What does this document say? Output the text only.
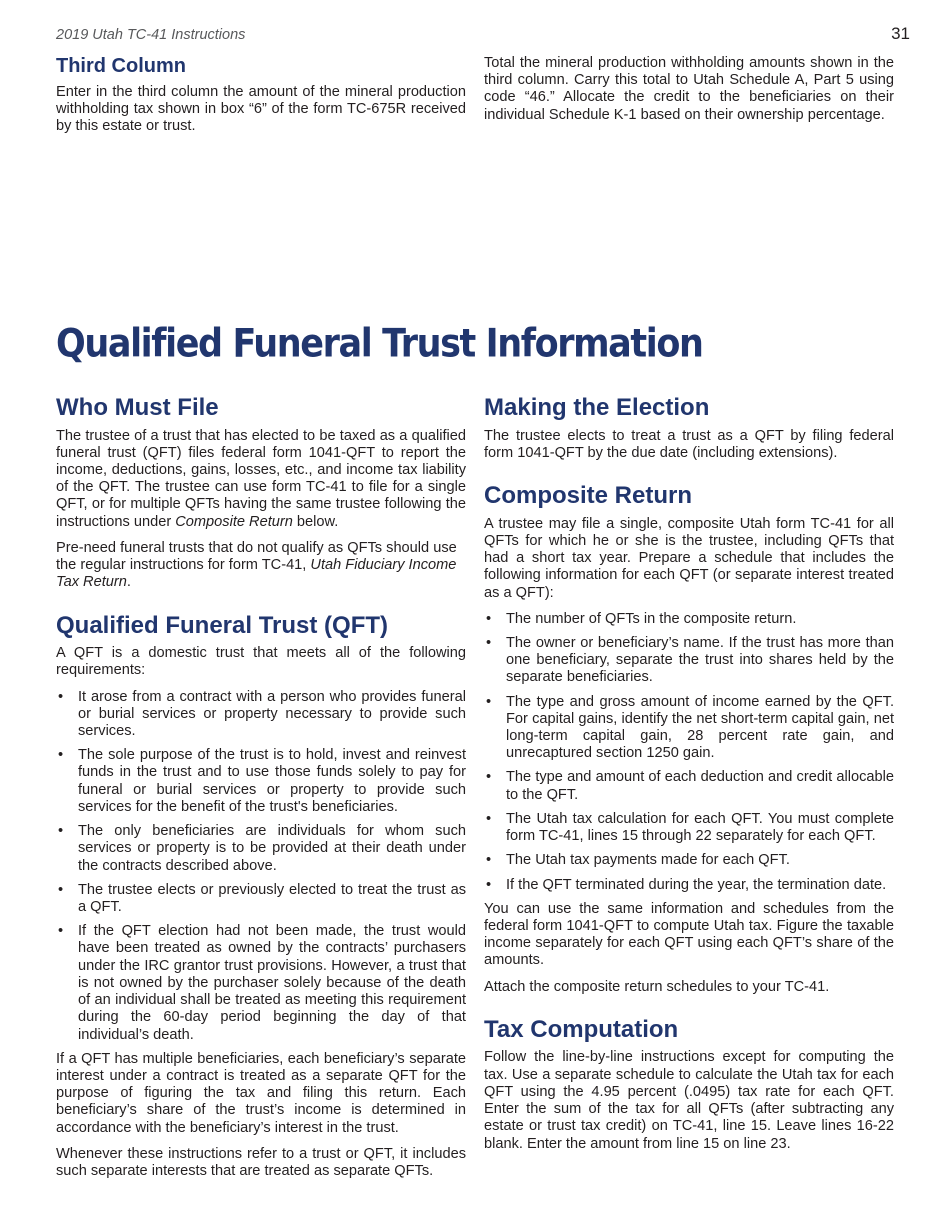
2019 Utah TC-41 Instructions	31
Third Column

Enter in the third column the amount of the mineral production withholding tax shown in box “6” of the form TC-675R received by this estate or trust.

Total the mineral production withholding amounts shown in the third column. Carry this total to Utah Schedule A, Part 5 using code “46.” Allocate the credit to the beneficiaries on their individual Schedule K-1 based on their ownership percentage.

Qualified Funeral Trust Information
Who Must File

The trustee of a trust that has elected to be taxed as a qualified funeral trust (QFT) files federal form 1041-QFT to report the income, deductions, gains, losses, etc., and income tax liability of the QFT. The trustee can use form TC-41 to file for a single QFT, or for multiple QFTs having the same trustee following the instructions under Composite Return below.

Pre-need funeral trusts that do not qualify as QFTs should use the regular instructions for form TC-41, Utah Fiduciary Income Tax Return.

Qualified Funeral Trust (QFT)

A QFT is a domestic trust that meets all of the following requirements:

• It arose from a contract with a person who provides funeral or burial services or property necessary to provide such services.
• The sole purpose of the trust is to hold, invest and reinvest funds in the trust and to use those funds solely to pay for funeral or burial services or property to provide such services for the benefit of the trust's beneficiaries.
• The only beneficiaries are individuals for whom such services or property is to be provided at their death under the contracts described above.
• The trustee elects or previously elected to treat the trust as a QFT.
• If the QFT election had not been made, the trust would have been treated as owned by the contracts’ purchasers under the IRC grantor trust provisions. However, a trust that is not owned by the purchaser solely because of the death of an individual shall be treated as meeting this requirement during the 60-day period beginning the day of that individual’s death.

If a QFT has multiple beneficiaries, each beneficiary’s separate interest under a contract is treated as a separate QFT for the purpose of figuring the tax and filing this return. Each beneficiary’s share of the trust’s income is determined in accordance with the beneficiary’s interest in the trust.

Whenever these instructions refer to a trust or QFT, it includes such separate interests that are treated as separate QFTs.

Making the Election

The trustee elects to treat a trust as a QFT by filing federal form 1041-QFT by the due date (including extensions).

Composite Return

A trustee may file a single, composite Utah form TC-41 for all QFTs for which he or she is the trustee, including QFTs that had a short tax year. Prepare a schedule that includes the following information for each QFT (or separate interest treated as a QFT):

• The number of QFTs in the composite return.
• The owner or beneficiary’s name. If the trust has more than one beneficiary, separate the trust into shares held by the separate beneficiaries.
• The type and gross amount of income earned by the QFT. For capital gains, identify the net short-term capital gain, net long-term capital gain, 28 percent rate gain, and unrecaptured section 1250 gain.
• The type and amount of each deduction and credit allocable to the QFT.
• The Utah tax calculation for each QFT. You must complete form TC-41, lines 15 through 22 separately for each QFT.
• The Utah tax payments made for each QFT.
• If the QFT terminated during the year, the termination date.

You can use the same information and schedules from the federal form 1041-QFT to compute Utah tax. Figure the taxable income separately for each QFT using each QFT’s share of the amounts.

Attach the composite return schedules to your TC-41.

Tax Computation

Follow the line-by-line instructions except for computing the tax. Use a separate schedule to calculate the Utah tax for each QFT using the 4.95 percent (.0495) tax rate for each QFT. Enter the sum of the tax for all QFTs (after subtracting any estate or trust tax credit) on TC-41, line 15. Leave lines 16-22 blank. Enter the amount from line 15 on line 23.
